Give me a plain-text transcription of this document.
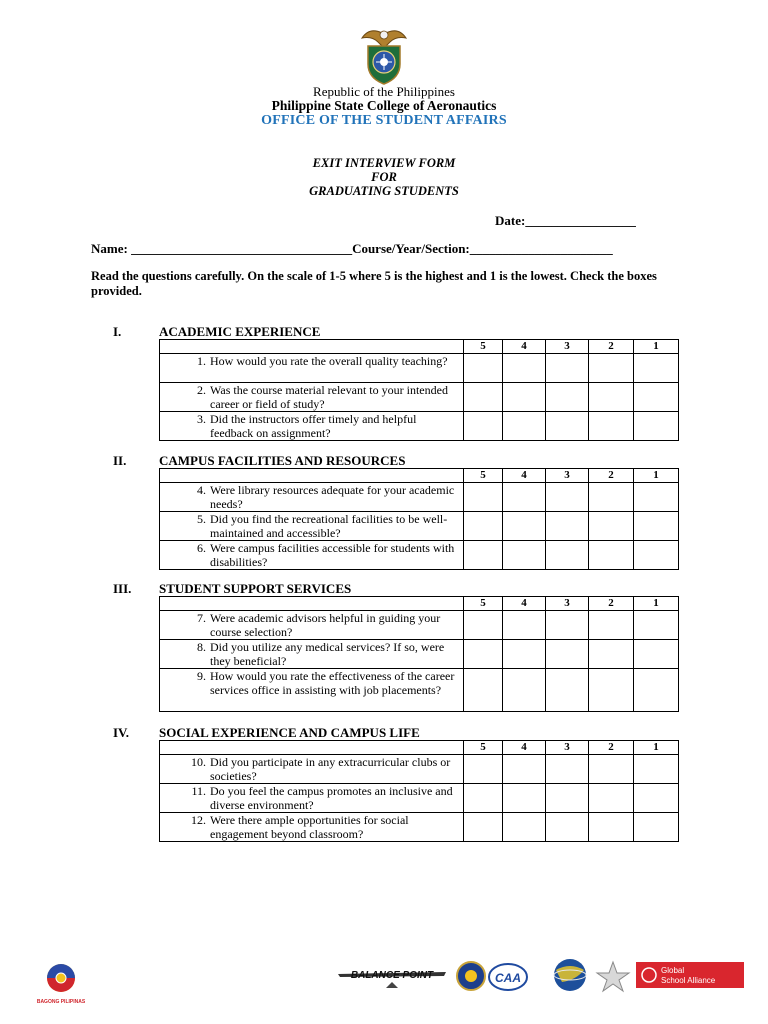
Republic of the Philippines
Philippine State College of Aeronautics
OFFICE OF THE STUDENT AFFAIRS
EXIT INTERVIEW FORM
FOR
GRADUATING STUDENTS
Date:_________________
Name: __________________________________Course/Year/Section:______________________
Read the questions carefully. On the scale of 1-5 where 5 is the highest and 1 is the lowest. Check the boxes provided.
I.	ACADEMIC EXPERIENCE
	5	4	3	2	1
1. How would you rate the overall quality teaching?					
2. Was the course material relevant to your intended career or field of study?					
3. Did the instructors offer timely and helpful feedback on assignment?					
II.	CAMPUS FACILITIES AND RESOURCES
	5	4	3	2	1
4. Were library resources adequate for your academic needs?					
5. Did you find the recreational facilities to be well-maintained and accessible?					
6. Were campus facilities accessible for students with disabilities?					
III. STUDENT SUPPORT SERVICES
	5	4	3	2	1
7. Were academic advisors helpful in guiding your course selection?					
8. Did you utilize any medical services? If so, were they beneficial?					
9. How would you rate the effectiveness of the career services office in assisting with job placements?					
IV. SOCIAL EXPERIENCE AND CAMPUS LIFE
	5	4	3	2	1
10. Did you participate in any extracurricular clubs or societies?					
11. Do you feel the campus promotes an inclusive and diverse environment?					
12. Were there ample opportunities for social engagement beyond classroom?					
BAGONG PILIPINAS
BALANCE POINT	CAA
Global
School Alliance
